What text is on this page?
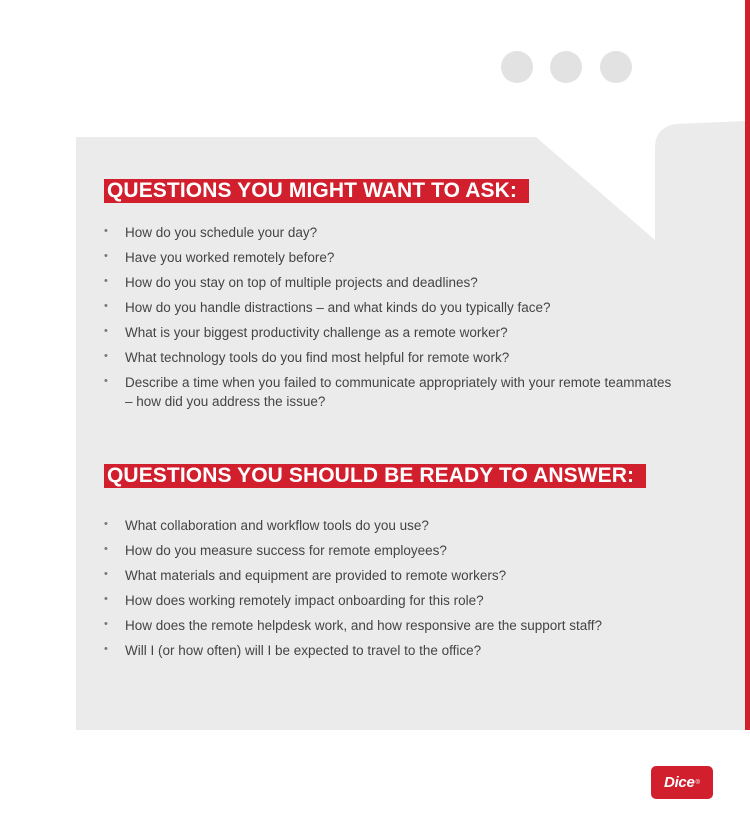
QUESTIONS YOU MIGHT WANT TO ASK:
• How do you schedule your day?
• Have you worked remotely before?
• How do you stay on top of multiple projects and deadlines?
• How do you handle distractions – and what kinds do you typically face?
• What is your biggest productivity challenge as a remote worker?
• What technology tools do you find most helpful for remote work?
• Describe a time when you failed to communicate appropriately with your remote teammates – how did you address the issue?
QUESTIONS YOU SHOULD BE READY TO ANSWER:
• What collaboration and workflow tools do you use?
• How do you measure success for remote employees?
• What materials and equipment are provided to remote workers?
• How does working remotely impact onboarding for this role?
• How does the remote helpdesk work, and how responsive are the support staff?
• Will I (or how often) will I be expected to travel to the office?
Dice ®
